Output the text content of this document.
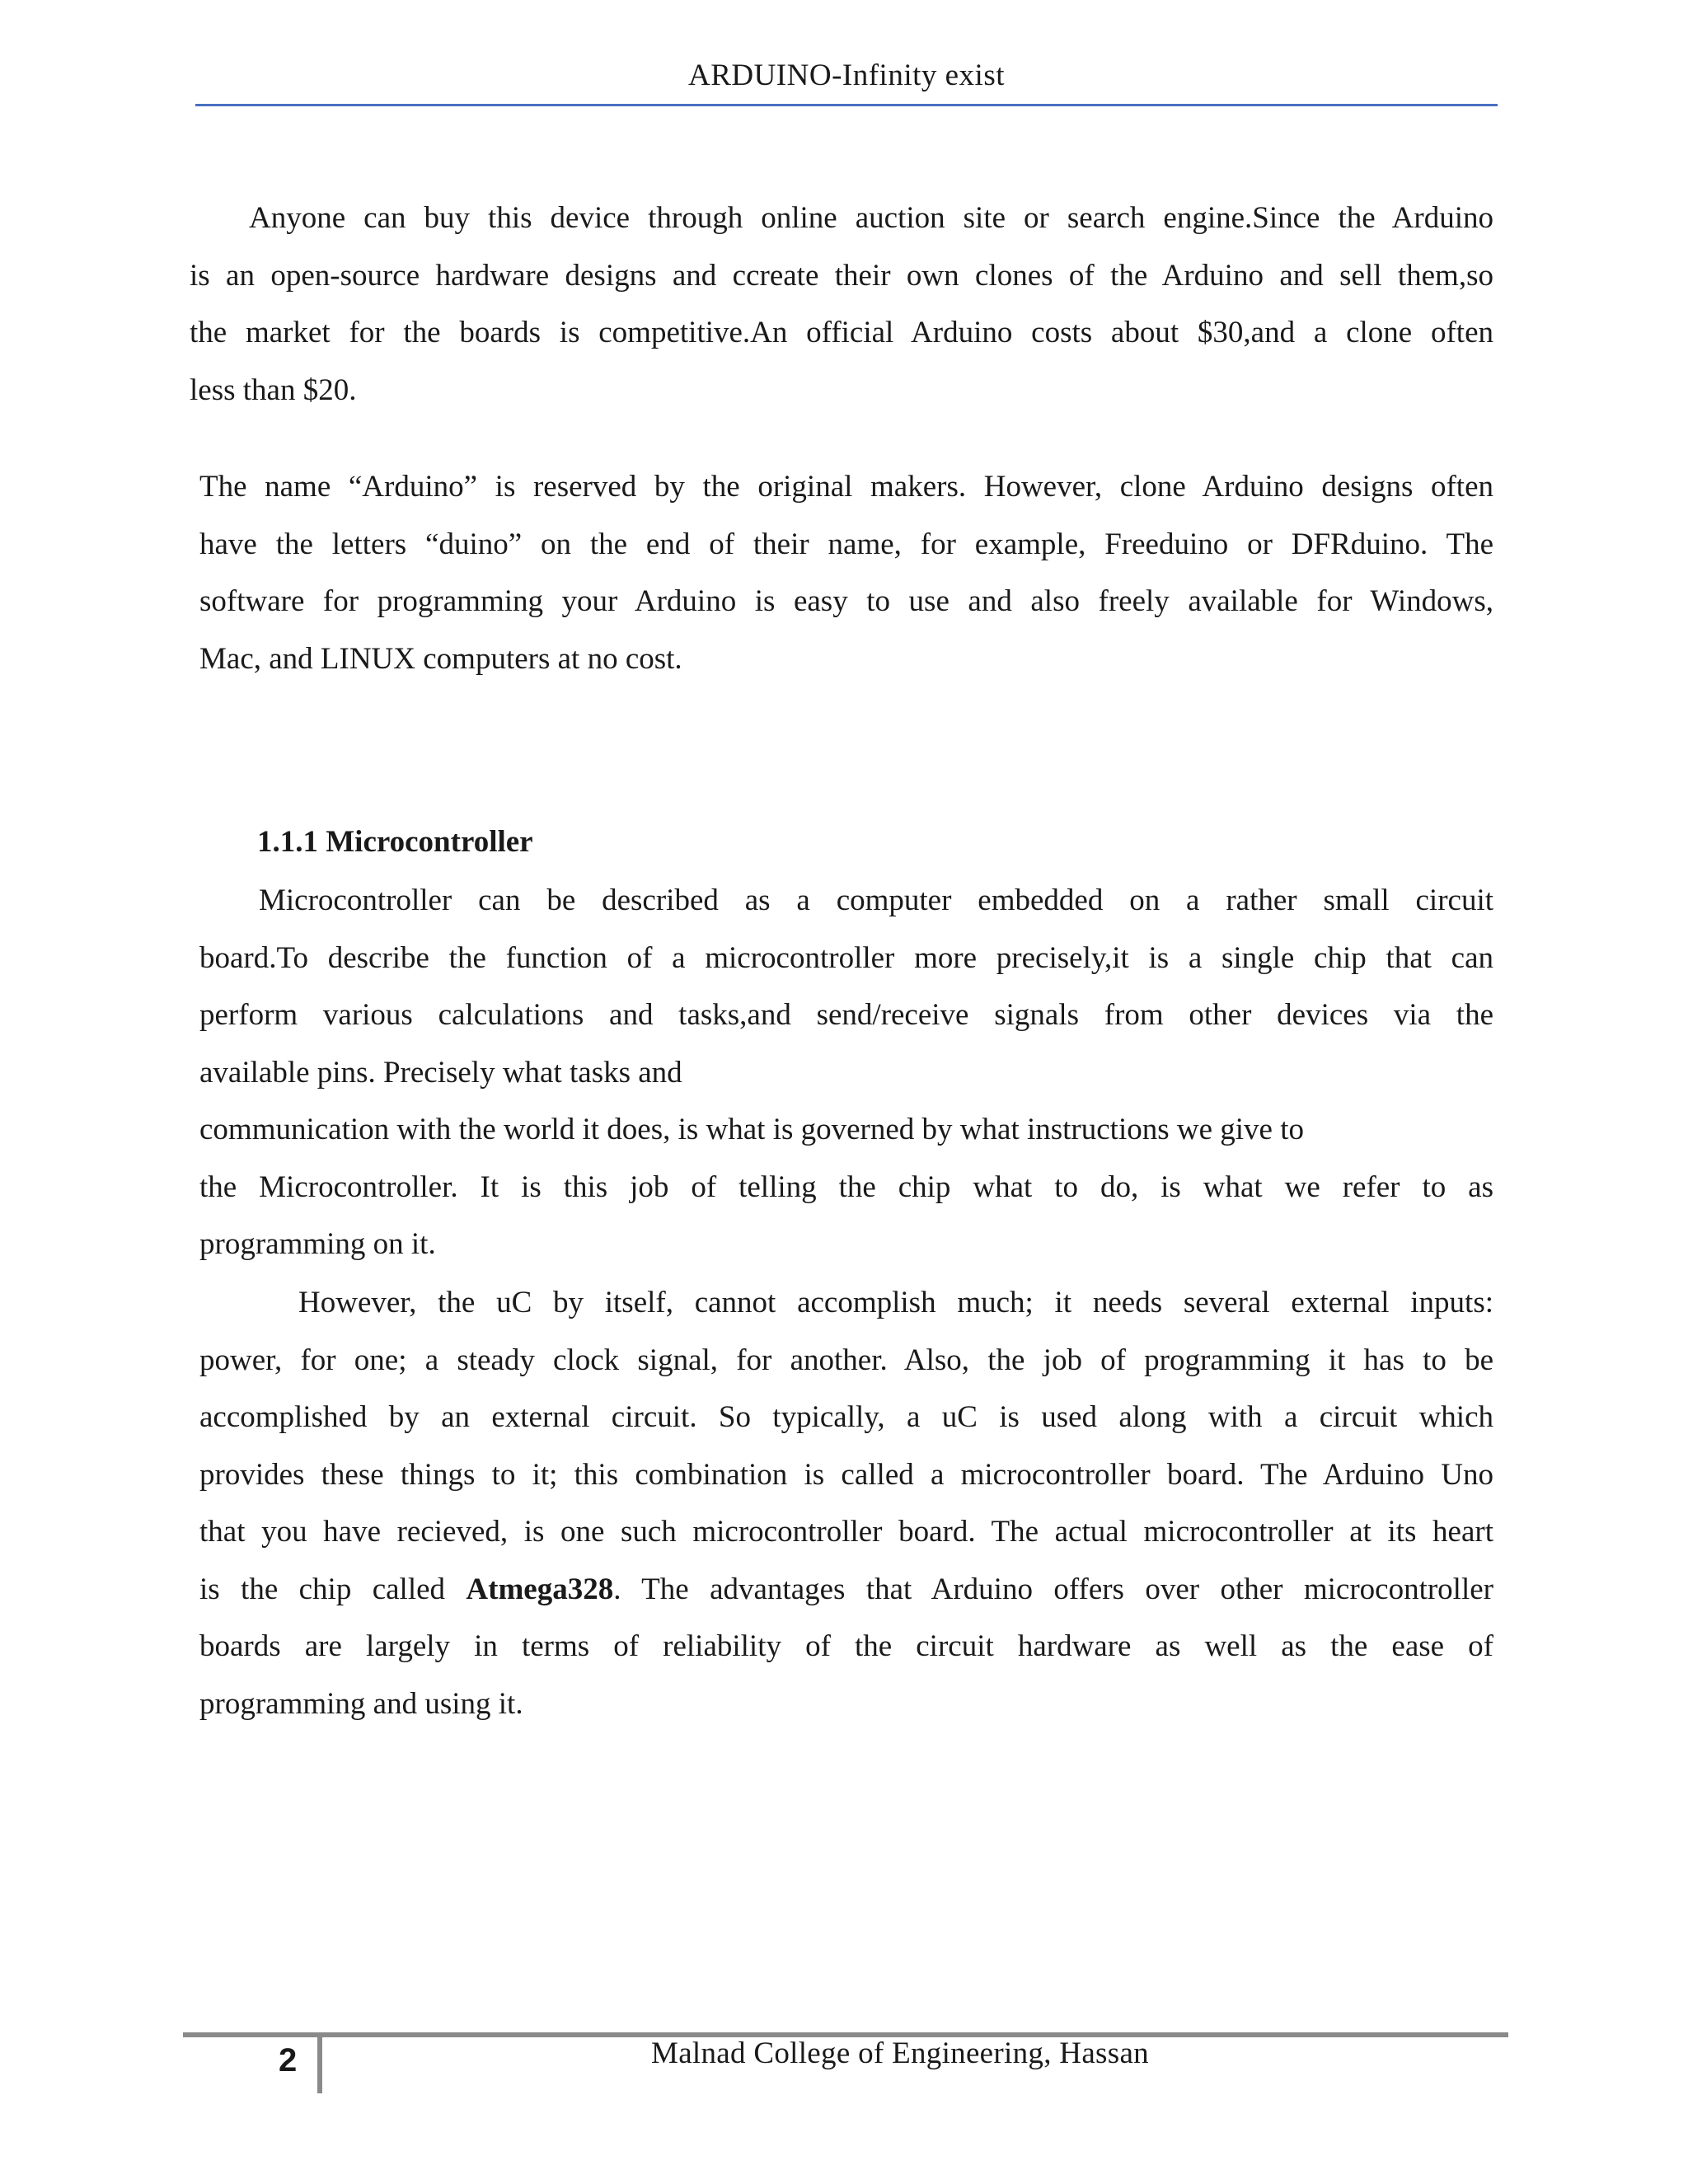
ARDUINO-Infinity exist
Anyone can buy this device through online auction site or search engine.Since the Arduino
is an open-source hardware designs and ccreate their own clones of the Arduino and sell them,so
the market for the boards is competitive.An official Arduino costs about $30,and a clone often
less than $20.
The name “Arduino” is reserved by the original makers. However, clone Arduino designs often
have the letters “duino” on the end of their name, for example, Freeduino or DFRduino. The
software for programming your Arduino is easy to use and also freely available for Windows,
Mac, and LINUX computers at no cost.
1.1.1 Microcontroller
Microcontroller can be described as a computer embedded on a rather small circuit
board.To describe the function of a microcontroller more precisely,it is a single chip that can
perform various calculations and tasks,and send/receive signals from other devices via the
available pins. Precisely what tasks and
communication with the world it does, is what is governed by what instructions we give to
the Microcontroller. It is this job of telling the chip what to do, is what we refer to as
programming on it.
However, the uC by itself, cannot accomplish much; it needs several external inputs:
power, for one; a steady clock signal, for another. Also, the job of programming it has to be
accomplished by an external circuit. So typically, a uC is used along with a circuit which
provides these things to it; this combination is called a microcontroller board. The Arduino Uno
that you have recieved, is one such microcontroller board. The actual microcontroller at its heart
is the chip called Atmega328. The advantages that Arduino offers over other microcontroller
boards are largely in terms of reliability of the circuit hardware as well as the ease of
programming and using it.
2	Malnad College of Engineering, Hassan
